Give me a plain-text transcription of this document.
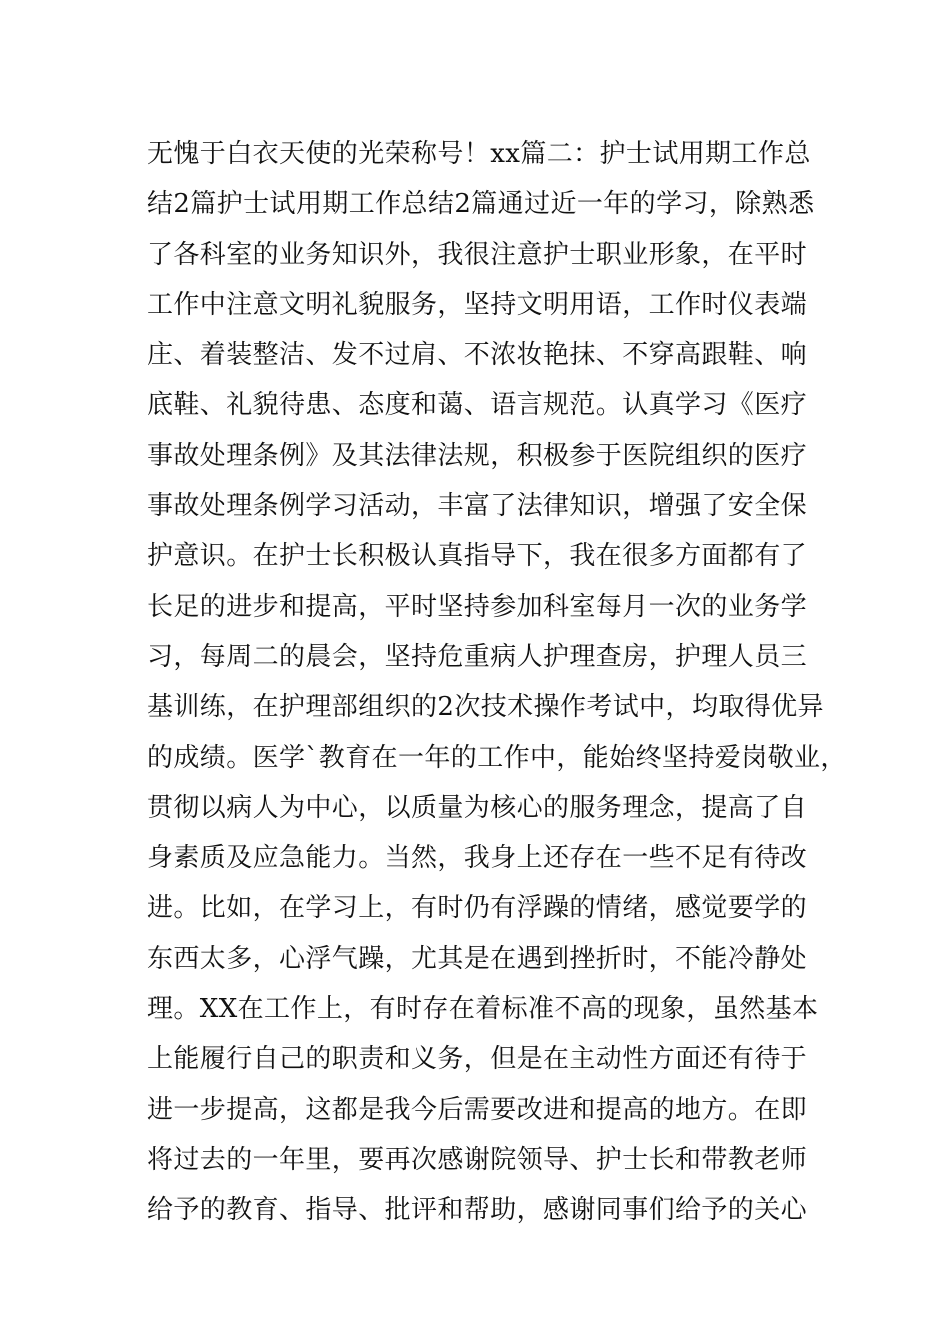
无愧于白衣天使的光荣称号！xx篇二：护士试用期工作总
结2篇护士试用期工作总结2篇通过近一年的学习，除熟悉
了各科室的业务知识外，我很注意护士职业形象，在平时
工作中注意文明礼貌服务，坚持文明用语，工作时仪表端
庄、着装整洁、发不过肩、不浓妆艳抹、不穿高跟鞋、响
底鞋、礼貌待患、态度和蔼、语言规范。认真学习《医疗
事故处理条例》及其法律法规，积极参于医院组织的医疗
事故处理条例学习活动，丰富了法律知识，增强了安全保
护意识。在护士长积极认真指导下，我在很多方面都有了
长足的进步和提高，平时坚持参加科室每月一次的业务学
习，每周二的晨会，坚持危重病人护理查房，护理人员三
基训练，在护理部组织的2次技术操作考试中，均取得优异
的成绩。医学`教育在一年的工作中，能始终坚持爱岗敬业，
贯彻以病人为中心，以质量为核心的服务理念，提高了自
身素质及应急能力。当然，我身上还存在一些不足有待改
进。比如，在学习上，有时仍有浮躁的情绪，感觉要学的
东西太多，心浮气躁，尤其是在遇到挫折时，不能冷静处
理。XX在工作上，有时存在着标准不高的现象，虽然基本
上能履行自己的职责和义务，但是在主动性方面还有待于
进一步提高，这都是我今后需要改进和提高的地方。在即
将过去的一年里，要再次感谢院领导、护士长和带教老师
给予的教育、指导、批评和帮助，感谢同事们给予的关心
